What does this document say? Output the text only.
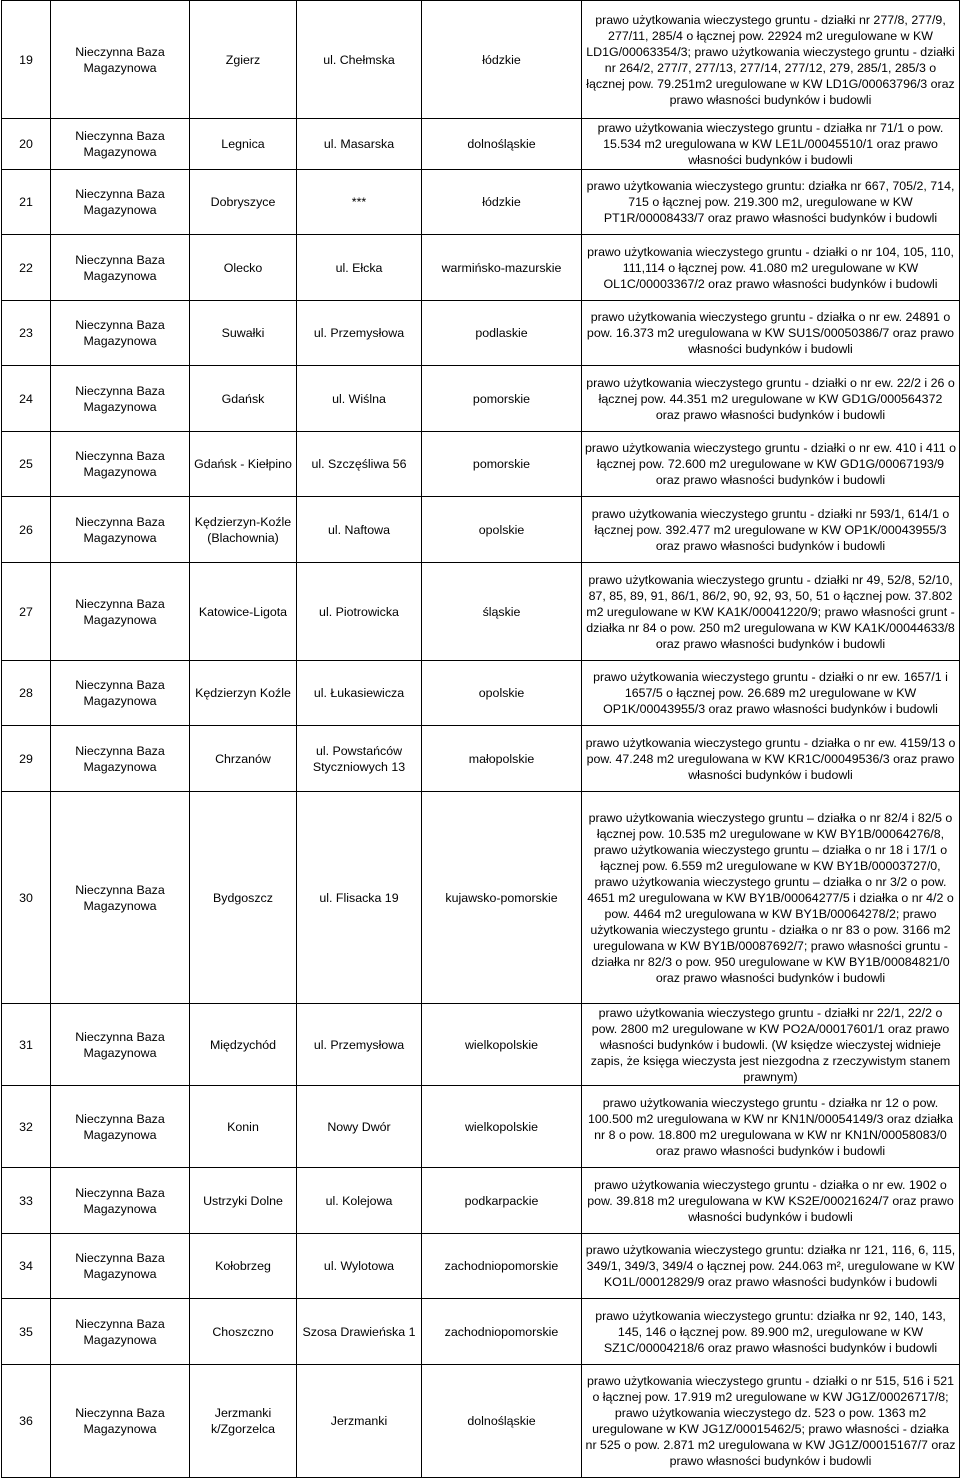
19	Nieczynna Baza Magazynowa	Zgierz	ul. Chełmska	łódzkie	prawo użytkowania wieczystego gruntu - działki nr 277/8, 277/9, 277/11, 285/4 o łącznej pow. 22924 m2 uregulowane w KW LD1G/00063354/3; prawo użytkowania wieczystego gruntu - działki nr 264/2, 277/7, 277/13, 277/14, 277/12, 279, 285/1, 285/3 o łącznej pow. 79.251m2 uregulowane w KW LD1G/00063796/3 oraz prawo własności budynków i budowli
20	Nieczynna Baza Magazynowa	Legnica	ul. Masarska	dolnośląskie	prawo użytkowania wieczystego gruntu - działka nr 71/1 o pow. 15.534 m2 uregulowana w KW LE1L/00045510/1 oraz prawo własności budynków i budowli
21	Nieczynna Baza Magazynowa	Dobryszyce	***	łódzkie	prawo użytkowania wieczystego gruntu: działka nr 667, 705/2, 714, 715 o łącznej pow. 219.300 m2, uregulowane w KW PT1R/00008433/7 oraz prawo własności budynków i budowli
22	Nieczynna Baza Magazynowa	Olecko	ul. Ełcka	warmińsko-mazurskie	prawo użytkowania wieczystego gruntu - działki o nr 104, 105, 110, 111,114 o łącznej pow. 41.080 m2 uregulowane w KW OL1C/00003367/2 oraz prawo własności budynków i budowli
23	Nieczynna Baza Magazynowa	Suwałki	ul. Przemysłowa	podlaskie	prawo użytkowania wieczystego gruntu - działka o nr ew. 24891 o pow. 16.373 m2 uregulowana w KW SU1S/00050386/7 oraz prawo własności budynków i budowli
24	Nieczynna Baza Magazynowa	Gdańsk	ul. Wiślna	pomorskie	prawo użytkowania wieczystego gruntu - działki o nr ew. 22/2 i 26 o łącznej pow. 44.351 m2 uregulowane w KW GD1G/000564372 oraz prawo własności budynków i budowli
25	Nieczynna Baza Magazynowa	Gdańsk - Kiełpino	ul. Szczęśliwa 56	pomorskie	prawo użytkowania wieczystego gruntu - działki o nr ew. 410 i 411 o łącznej pow. 72.600 m2 uregulowane w KW GD1G/00067193/9 oraz prawo własności budynków i budowli
26	Nieczynna Baza Magazynowa	Kędzierzyn-Koźle (Blachownia)	ul. Naftowa	opolskie	prawo użytkowania wieczystego gruntu - działki nr 593/1, 614/1 o łącznej pow. 392.477 m2 uregulowane w KW OP1K/00043955/3 oraz prawo własności budynków i budowli
27	Nieczynna Baza Magazynowa	Katowice-Ligota	ul. Piotrowicka	śląskie	prawo użytkowania wieczystego gruntu - działki nr 49, 52/8, 52/10, 87, 85, 89, 91, 86/1, 86/2, 90, 92, 93, 50, 51 o łącznej pow. 37.802 m2 uregulowane w KW KA1K/00041220/9; prawo własności grunt - działka nr 84 o pow. 250 m2 uregulowana w KW KA1K/00044633/8 oraz prawo własności budynków i budowli
28	Nieczynna Baza Magazynowa	Kędzierzyn Koźle	ul. Łukasiewicza	opolskie	prawo użytkowania wieczystego gruntu - działki o nr ew. 1657/1 i 1657/5 o łącznej pow. 26.689 m2 uregulowane w KW OP1K/00043955/3 oraz prawo własności budynków i budowli
29	Nieczynna Baza Magazynowa	Chrzanów	ul. Powstańców Styczniowych 13	małopolskie	prawo użytkowania wieczystego gruntu - działka o nr ew. 4159/13 o pow. 47.248 m2 uregulowana w KW KR1C/00049536/3 oraz prawo własności budynków i budowli
30	Nieczynna Baza Magazynowa	Bydgoszcz	ul. Flisacka 19	kujawsko-pomorskie	prawo użytkowania wieczystego gruntu – działka o nr 82/4 i 82/5 o łącznej pow. 10.535 m2 uregulowane w KW BY1B/00064276/8, prawo użytkowania wieczystego gruntu – działka o nr 18 i 17/1 o łącznej pow. 6.559 m2 uregulowane w KW BY1B/00003727/0, prawo użytkowania wieczystego gruntu – działka o nr 3/2 o pow. 4651 m2 uregulowana w KW BY1B/00064277/5 i działka o nr 4/2 o pow. 4464 m2 uregulowana w KW BY1B/00064278/2; prawo użytkowania wieczystego gruntu - działka o nr 83 o pow. 3166 m2 uregulowana w KW BY1B/00087692/7; prawo własności gruntu - działka nr 82/3 o pow. 950 uregulowane w KW BY1B/00084821/0 oraz prawo własności budynków i budowli
31	Nieczynna Baza Magazynowa	Międzychód	ul. Przemysłowa	wielkopolskie	prawo użytkowania wieczystego gruntu - działki nr 22/1, 22/2 o pow. 2800 m2 uregulowane w KW PO2A/00017601/1 oraz prawo własności budynków i budowli. (W księdze wieczystej widnieje zapis, że księga wieczysta jest niezgodna z rzeczywistym stanem prawnym)
32	Nieczynna Baza Magazynowa	Konin	Nowy Dwór	wielkopolskie	prawo użytkowania wieczystego gruntu - działka nr 12 o pow. 100.500 m2 uregulowana w KW nr KN1N/00054149/3 oraz działka nr 8 o pow. 18.800 m2 uregulowana w KW nr KN1N/00058083/0 oraz prawo własności budynków i budowli
33	Nieczynna Baza Magazynowa	Ustrzyki Dolne	ul. Kolejowa	podkarpackie	prawo użytkowania wieczystego gruntu - działka o nr ew. 1902 o pow. 39.818 m2 uregulowana w KW KS2E/00021624/7 oraz prawo własności budynków i budowli
34	Nieczynna Baza Magazynowa	Kołobrzeg	ul. Wylotowa	zachodniopomorskie	prawo użytkowania wieczystego gruntu: działka nr 121, 116, 6, 115, 349/1, 349/3, 349/4 o łącznej pow. 244.063 m², uregulowane w KW KO1L/00012829/9 oraz prawo własności budynków i budowli
35	Nieczynna Baza Magazynowa	Choszczno	Szosa Drawieńska 1	zachodniopomorskie	prawo użytkowania wieczystego gruntu: działka nr 92, 140, 143, 145, 146 o łącznej pow. 89.900 m2, uregulowane w KW SZ1C/00004218/6 oraz prawo własności budynków i budowli
36	Nieczynna Baza Magazynowa	Jerzmanki k/Zgorzelca	Jerzmanki	dolnośląskie	prawo użytkowania wieczystego gruntu - działki o nr 515, 516 i 521 o łącznej pow. 17.919 m2 uregulowane w KW JG1Z/00026717/8; prawo użytkowania wieczystego dz. 523 o pow. 1363 m2 uregulowane w KW JG1Z/00015462/5; prawo własności - działka nr 525 o pow. 2.871 m2 uregulowana w KW JG1Z/00015167/7 oraz prawo własności budynków i budowli
